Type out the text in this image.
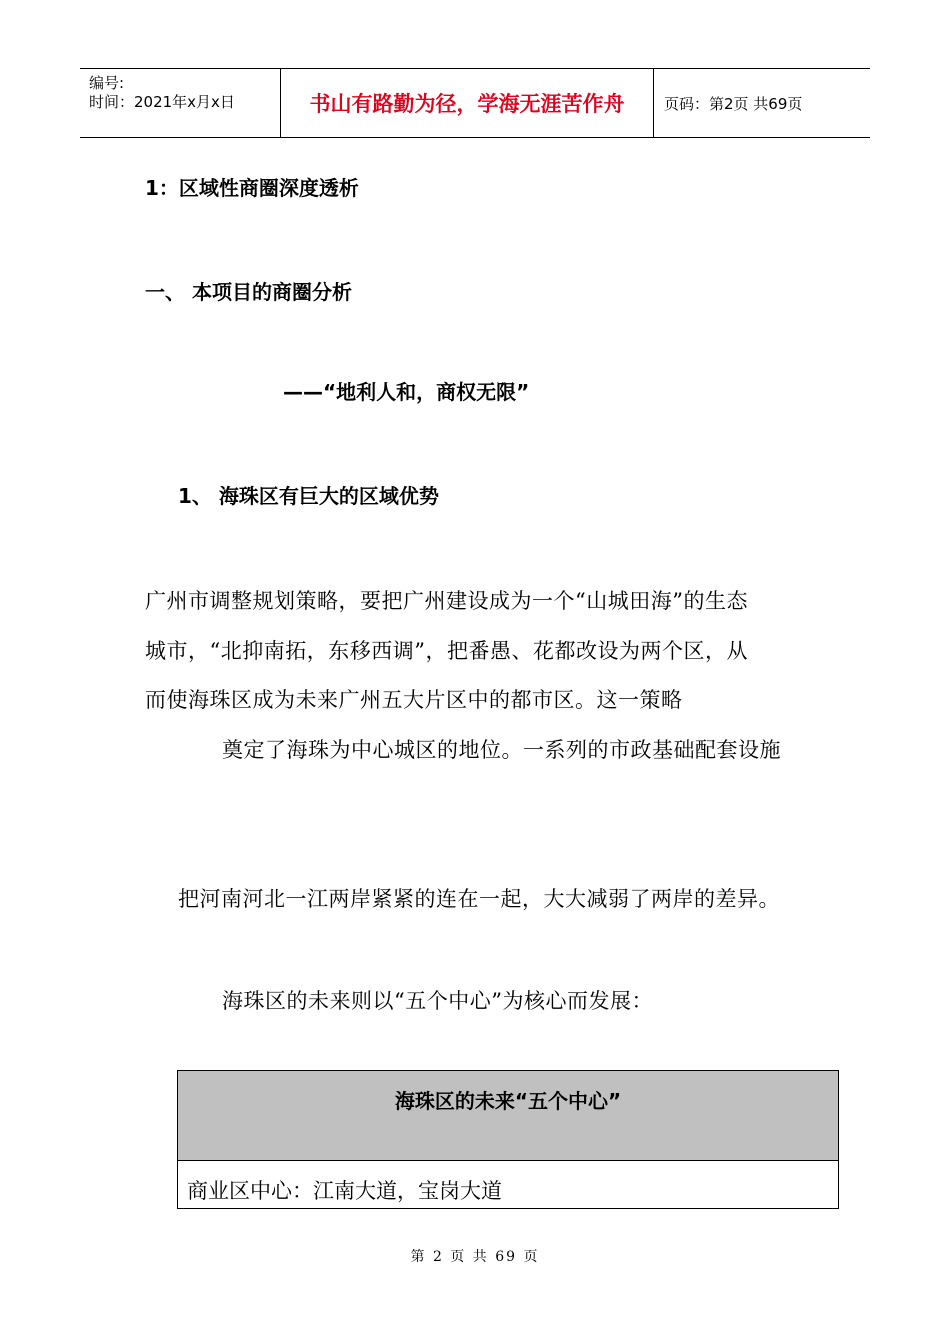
编号:
时间：2021年x月x日	书山有路勤为径，学海无涯苦作舟	页码：第2页 共69页
1：区域性商圈深度透析
一、 本项目的商圈分析
——“地利人和，商权无限”
1、 海珠区有巨大的区域优势
广州市调整规划策略，要把广州建设成为一个“山城田海”的生态
城市，“北抑南拓，东移西调”，把番愚、花都改设为两个区，从
而使海珠区成为未来广州五大片区中的都市区。这一策略
奠定了海珠为中心城区的地位。一系列的市政基础配套设施
把河南河北一江两岸紧紧的连在一起，大大减弱了两岸的差异。
海珠区的未来则以“五个中心”为核心而发展：
海珠区的未来“五个中心”
商业区中心：江南大道，宝岗大道
第 2 页 共 69 页
